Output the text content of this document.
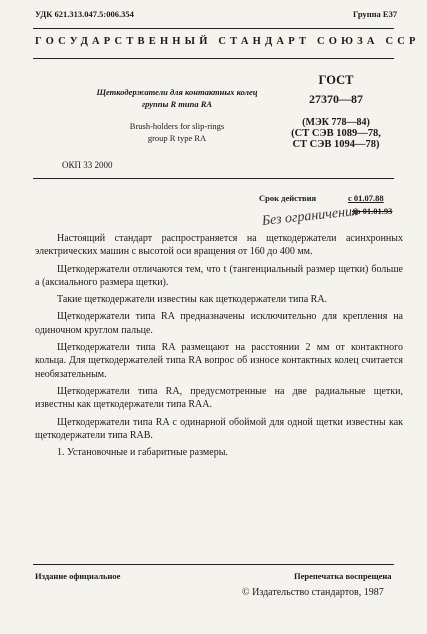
УДК 621.313.047.5:006.354	Группа Е37
ГОСУДАРСТВЕННЫЙ СТАНДАРТ СОЮЗА ССР
Щеткодержатели для контактных колец
группы R типа RA
Brush-holders for slip-rings
group R type RA
ГОСТ
27370—87
(МЭК 778—84)
(СТ СЭВ 1089—78,
СТ СЭВ 1094—78)
ОКП 33 2000
Срок действия	с 01.07.88
до 01.01.93
Без ограничения

Настоящий стандарт распространяется на щеткодержатели асинхронных электрических машин с высотой оси вращения от 160 до 400 мм.

Щеткодержатели отличаются тем, что t (тангенциальный размер щетки) больше a (аксиального размера щетки).

Такие щеткодержатели известны как щеткодержатели типа RA.

Щеткодержатели типа RA предназначены исключительно для крепления на одиночном круглом пальце.

Щеткодержатели типа RA размещают на расстоянии 2 мм от контактного кольца. Для щеткодержателей типа RA вопрос об износе контактных колец считается необязательным.

Щеткодержатели типа RA, предусмотренные на две радиальные щетки, известны как щеткодержатели типа RAA.

Щеткодержатели типа RA с одинарной обоймой для одной щетки известны как щеткодержатели типа RAB.

1. Установочные и габаритные размеры.

Издание официальное	Перепечатка воспрещена
© Издательство стандартов, 1987
